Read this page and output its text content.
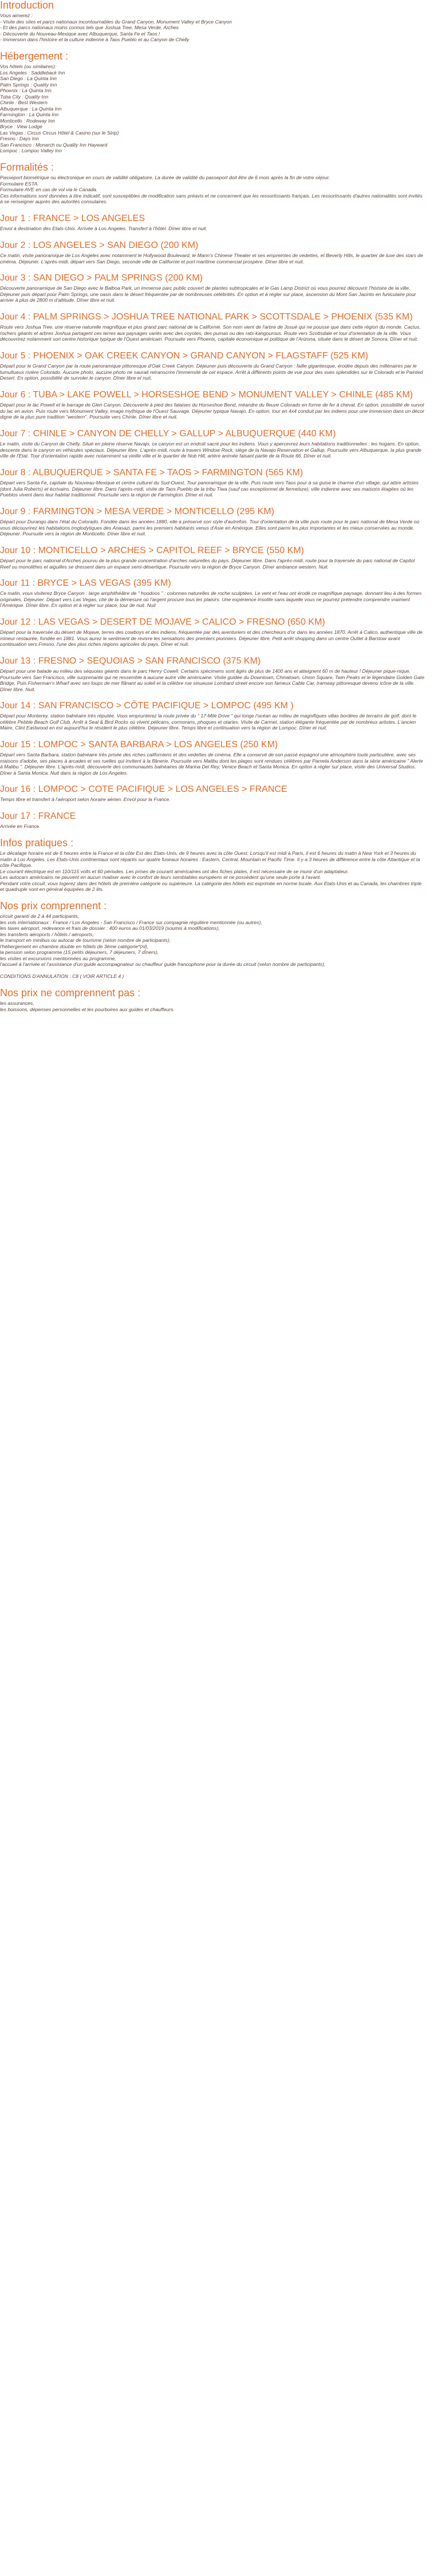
Introduction
Vous aimerez :
- Visite des sites et parcs nationaux incontournables du Grand Canyon, Monument Valley et Bryce Canyon
- Et des parcs nationaux moins connus tels que Joshua Tree, Mesa Verde, Arches
- Découverte du Nouveau-Mexique avec Albuquerque, Santa Fe et Taos !
- Immersion dans l'histoire et la culture indienne à Taos Pueblo et au Canyon de Chelly
Hébergement :
Vos hôtels (ou similaires):
Los Angeles : Saddleback Inn
San Diego : La Quinta Inn
Palm Springs : Quality Inn
Phoenix : La Quinta Inn
Tuba City : Quality Inn
Chinle : Best Western
Albuquerque : La Quinta Inn
Farmington : La Quinta Inn
Monticello : Rodeway Inn
Bryce : View Lodge
Las Vegas : Circus Circus Hôtel & Casino (sur le Strip)
Fresno : Days Inn
San Francisco : Monarch ou Quality Inn Hayward
Lompoc : Lompoc Valley Inn
Formalités :
Passeport biométrique ou électronique en cours de validité obligatoire. La durée de validité du passeport doit être de 6 mois après la fin de votre séjour.
Formulaire ESTA.
Formulaire AVE en cas de vol via le Canada.
Ces informations sont données à titre indicatif, sont susceptibles de modification sans préavis et ne concernent que les ressortissants français. Les ressortissants d'autres nationalités sont invités à se renseigner auprès des autorités consulaires.
Jour 1 : FRANCE > LOS ANGELES
Envol à destination des Etats-Unis. Arrivée à Los Angeles. Transfert à l'hôtel. Dîner libre et nuit.
Jour 2 : LOS ANGELES > SAN DIEGO (200 KM)
Ce matin, visite panoramique de Los Angeles avec notamment le Hollywood Boulevard, le Mann's Chinese Theater et ses empreintes de vedettes, et Beverly Hills, le quartier de luxe des stars de cinéma. Déjeuner. L'après-midi, départ vers San Diego, seconde ville de Californie et port maritime commercial prospère. Dîner libre et nuit.
Jour 3 : SAN DIEGO > PALM SPRINGS (200 KM)
Découverte panoramique de San Diego avec le Balboa Park, un immense parc public couvert de plantes subtropicales et le Gas Lamp District où vous pourrez découvrir l'histoire de la ville. Déjeuner puis départ pour Palm Springs, une oasis dans le désert fréquentée par de nombreuses célébrités. En option et à régler sur place, ascension du Mont San Jacinto en funiculaire pour arriver à plus de 2800 m d'altitude. Dîner libre et nuit.
Jour 4 : PALM SPRINGS > JOSHUA TREE NATIONAL PARK > SCOTTSDALE > PHOENIX (535 KM)
Route vers Joshua Tree, une réserve naturelle magnifique et plus grand parc national de la Californie. Son nom vient de l'arbre de Josué qui ne pousse que dans cette région du monde. Cactus, rochers géants et arbres Joshua partagent ces terres aux paysages variés avec des coyotes, des pumas ou des rats-kangourous. Route vers Scottsdale et tour d'orientation de la ville. Vous découvrirez notamment son centre historique typique de l'Ouest américain. Poursuite vers Phoenix, capitale économique et politique de l'Arizona, située dans le désert de Sonora. Dîner et nuit.
Jour 5 : PHOENIX > OAK CREEK CANYON > GRAND CANYON > FLAGSTAFF (525 KM)
Départ pour le Grand Canyon par la route panoramique pittoresque d'Oak Creek Canyon. Déjeuner puis découverte du Grand Canyon : faille gigantesque, érodée depuis des millénaires par le tumultueux rivière Colorado. Aucune photo, aucune photo ne saurait retranscrire l'immensité de cet espace. Arrêt à différents points de vue pour des vues splendides sur le Colorado et le Painted Desert. En option, possibilité de survoler le canyon. Dîner libre et nuit.
Jour 6 : TUBA > LAKE POWELL > HORSESHOE BEND > MONUMENT VALLEY > CHINLE (485 KM)
Départ pour le lac Powell et le barrage de Glen Canyon. Découverte à pied des falaises du Horseshoe Bend, méandre du fleuve Colorado en forme de fer à cheval. En option, possibilité de survol du lac en avion. Puis route vers Monument Valley, image mythique de l'Ouest Sauvage. Déjeuner typique Navajo. En option, tour en 4x4 conduit par les indiens pour une immersion dans un décor digne de la plus pure tradition "western". Poursuite vers Chinle. Dîner libre et nuit.
Jour 7 : CHINLE > CANYON DE CHELLY > GALLUP > ALBUQUERQUE (440 KM)
Le matin, visite du Canyon de Chelly. Situé en pleine réserve Navajo, ce canyon est un endroit sacré pour les indiens. Vous y apercevrez leurs habitations traditionnelles : les hogans. En option, descente dans le canyon en véhicules spéciaux. Déjeuner libre. L'après-midi, route à travers Window Rock, siège de la Navajo Reservation et Gallup. Poursuite vers Albuquerque, la plus grande ville de l'Etat. Tour d'orientation rapide avec notamment sa vieille ville et le quartier de Nob Hill, artère animée faisant partie de la Route 66. Dîner et nuit.
Jour 8 : ALBUQUERQUE > SANTA FE > TAOS > FARMINGTON (565 KM)
Départ vers Santa Fe, capitale du Nouveau-Mexique et centre culturel du Sud-Ouest. Tour panoramique de la ville. Puis route vers Taos pour à sa guise le charme d'un village, qui attire artistes (dont Julia Roberts) et écrivains. Déjeuner libre. Dans l'après-midi, visite de Taos Pueblo de la tribu Tiwa (sauf cas exceptionnel de fermeture), ville indienne avec ses maisons étagées où les Pueblos vivent dans leur habitat traditionnel. Poursuite vers la région de Farmington. Dîner et nuit.
Jour 9 : FARMINGTON > MESA VERDE > MONTICELLO (295 KM)
Départ pour Durango dans l'état du Colorado. Fondée dans les années 1880, elle a préservé son style d'autrefois. Tour d'orientation de la ville puis route pour le parc national de Mesa Verde où vous découvrirez les habitations troglodytiques des Anasazi, parmi les premiers habitants venus d'Asie en Amérique. Elles sont parmi les plus importantes et les mieux conservées au monde. Déjeuner. Poursuite vers la région de Monticello. Dîner libre et nuit.
Jour 10 : MONTICELLO > ARCHES > CAPITOL REEF > BRYCE (550 KM)
Départ pour le parc national d'Arches pourvu de la plus grande concentration d'arches naturelles du pays. Déjeuner libre. Dans l'après-midi, route pour la traversée du parc national de Capitol Reef ou monolithes et aiguilles se dressent dans un espace semi-désertique. Poursuite vers la région de Bryce Canyon. Dîner ambiance western. Nuit.
Jour 11 : BRYCE > LAS VEGAS (395 KM)
Ce matin, vous visiterez Bryce Canyon : large amphithéâtre de " hoodoos " : colonnes naturelles de roche sculptées. Le vent et l'eau ont érodé ce magnifique paysage, donnant lieu à des formes originales. Déjeuner. Départ vers Las Vegas, cité de la démesure où l'argent procure tous les plaisirs. Une expérience insolite sans laquelle vous ne pourrez prétendre comprendre vraiment l'Amérique. Dîner libre. En option et à régler sur place, tour de nuit. Nuit
Jour 12 : LAS VEGAS > DESERT DE MOJAVE > CALICO > FRESNO (650 KM)
Départ pour la traversée du désert de Mojave, terres des cowboys et des indiens, fréquentée par des aventuriers et des chercheurs d'or dans les années 1870. Arrêt à Calico, authentique ville de mineur restaurée, fondée en 1881. Vous aurez le sentiment de revivre les sensations des premiers pionniers. Déjeuner libre. Petit arrêt shopping dans un centre Outlet à Barstow avant continuation vers Fresno, l'une des plus riches régions agricoles du pays. Dîner et nuit.
Jour 13 : FRESNO > SEQUOIAS > SAN FRANCISCO (375 KM)
Départ pour une balade au milieu des séquoias géants dans le parc Henry Cowell. Certains spécimens sont âgés de plus de 1400 ans et atteignent 60 m de hauteur ! Déjeuner pique-nique. Poursuite vers San Francisco, ville surprenante qui ne ressemble à aucune autre ville américaine. Visite guidée du Downtown, Chinatown, Union Square, Twin Peaks et le légendaire Golden Gate Bridge, Puis Fisherman's Wharf avec ses loups de mer flânant au soleil et la célèbre rue sinueuse Lombard street encore son fameux Cable Car, tramway pittoresque devenu icône de la ville. Dîner libre. Nuit.
Jour 14 : SAN FRANCISCO > CÔTE PACIFIQUE > LOMPOC (495 KM )
Départ pour Monterey, station balnéaire très réputée. Vous emprunterez la route privée du " 17-Mile Drive " qui longe l'océan au milieu de magnifiques villas bordées de terrains de golf, dont le célèbre Pebble Beach Golf Club. Arrêt à Seal & Bird Rocks où vivent pélicans, cormorans, phoques et otaries. Visite de Carmel, station élégante fréquentée par de nombreux artistes. L'ancien Maire, Clint Eastwood en est aujourd'hui le résident le plus célèbre. Déjeuner libre. Temps libre et continuation vers la région de Lompoc. Dîner et nuit.
Jour 15 : LOMPOC > SANTA BARBARA > LOS ANGELES (250 KM)
Départ vers Santa Barbara, station balnéaire très prisée des riches californiens et des vedettes de cinéma. Elle a conservé de son passé espagnol une atmosphère toute particulière, avec ses maisons d'adobe, ses places à arcades et ses ruelles qui invitent à la flânerie. Poursuite vers Malibu dont les plages sont rendues célèbres par Pamela Anderson dans la série américaine " Alerte à Malibu ". Déjeuner libre. L'après-midi, découverte des communautés balnéaires de Marina Del Rey, Venice Beach et Santa Monica. En option à régler sur place, visite des Universal Studios. Dîner à Santa Monica. Nuit dans la région de Los Angeles.
Jour 16 : LOMPOC > COTE PACIFIQUE > LOS ANGELES > FRANCE
Temps libre et transfert à l'aéroport selon horaire aérien. Envol pour la France.
Jour 17 : FRANCE
Arrivée en France.
Infos pratiques :
Le décalage horaire est de 6 heures entre la France et la côte Est des Etats-Unis, de 9 heures avec la côte Ouest. Lorsqu'il est midi à Paris, il est 6 heures du matin à New York et 3 heures du matin à Los Angeles. Les Etats-Unis continentaux sont répartis sur quatre fuseaux horaires : Eastern, Central, Mountain et Pacific Time. Il y a 3 heures de différence entre la côte Atlantique et la côte Pacifique.
Le courant électrique est en 110/115 volts et 60 périodes. Les prises de courant américaines ont des fiches plates, il est nécessaire de se munir d'un adaptateur.
Les autocars américains ne peuvent en aucun rivaliser avec le confort de leurs semblables européens et ne possèdent qu'une seule porte à l'avant.
Pendant votre circuit, vous logerez dans des hôtels de première catégorie ou supérieure. La catégorie des hôtels est exprimée en norme locale. Aux Etats-Unis et au Canada, les chambres triple et quadruple sont en général équipées de 2 lits.
Nos prix comprennent :
circuit garanti de 2 à 44 participants,
les vols internationaux : France / Los Angeles - San Francisco / France sur compagnie régulière mentionnée (ou autres),
les taxes aéroport, redevance et frais de dossier : 400 euros au 01/03/2019 (soumis à modifications),
les transferts aéroports / hôtels / aéroports,
le transport en minibus ou autocar de tourisme (selon nombre de participants),
l'hébergement en chambre double en hôtels de 3ème catégorie*(nl),
la pension selon programme (15 petits déjeuners, 7 déjeuners, 7 dîners),
les visites et excursions mentionnées au programme,
l'accueil à l'arrivée et l'assistance d'un guide accompagnateur ou chauffeur guide francophone pour la durée du circuit (selon nombre de participants),

CONDITIONS D'ANNULATION : C8 ( VOIR ARTICLE 4 )
Nos prix ne comprennent pas :
les assurances,
les boissons, dépenses personnelles et les pourboires aux guides et chauffeurs.
